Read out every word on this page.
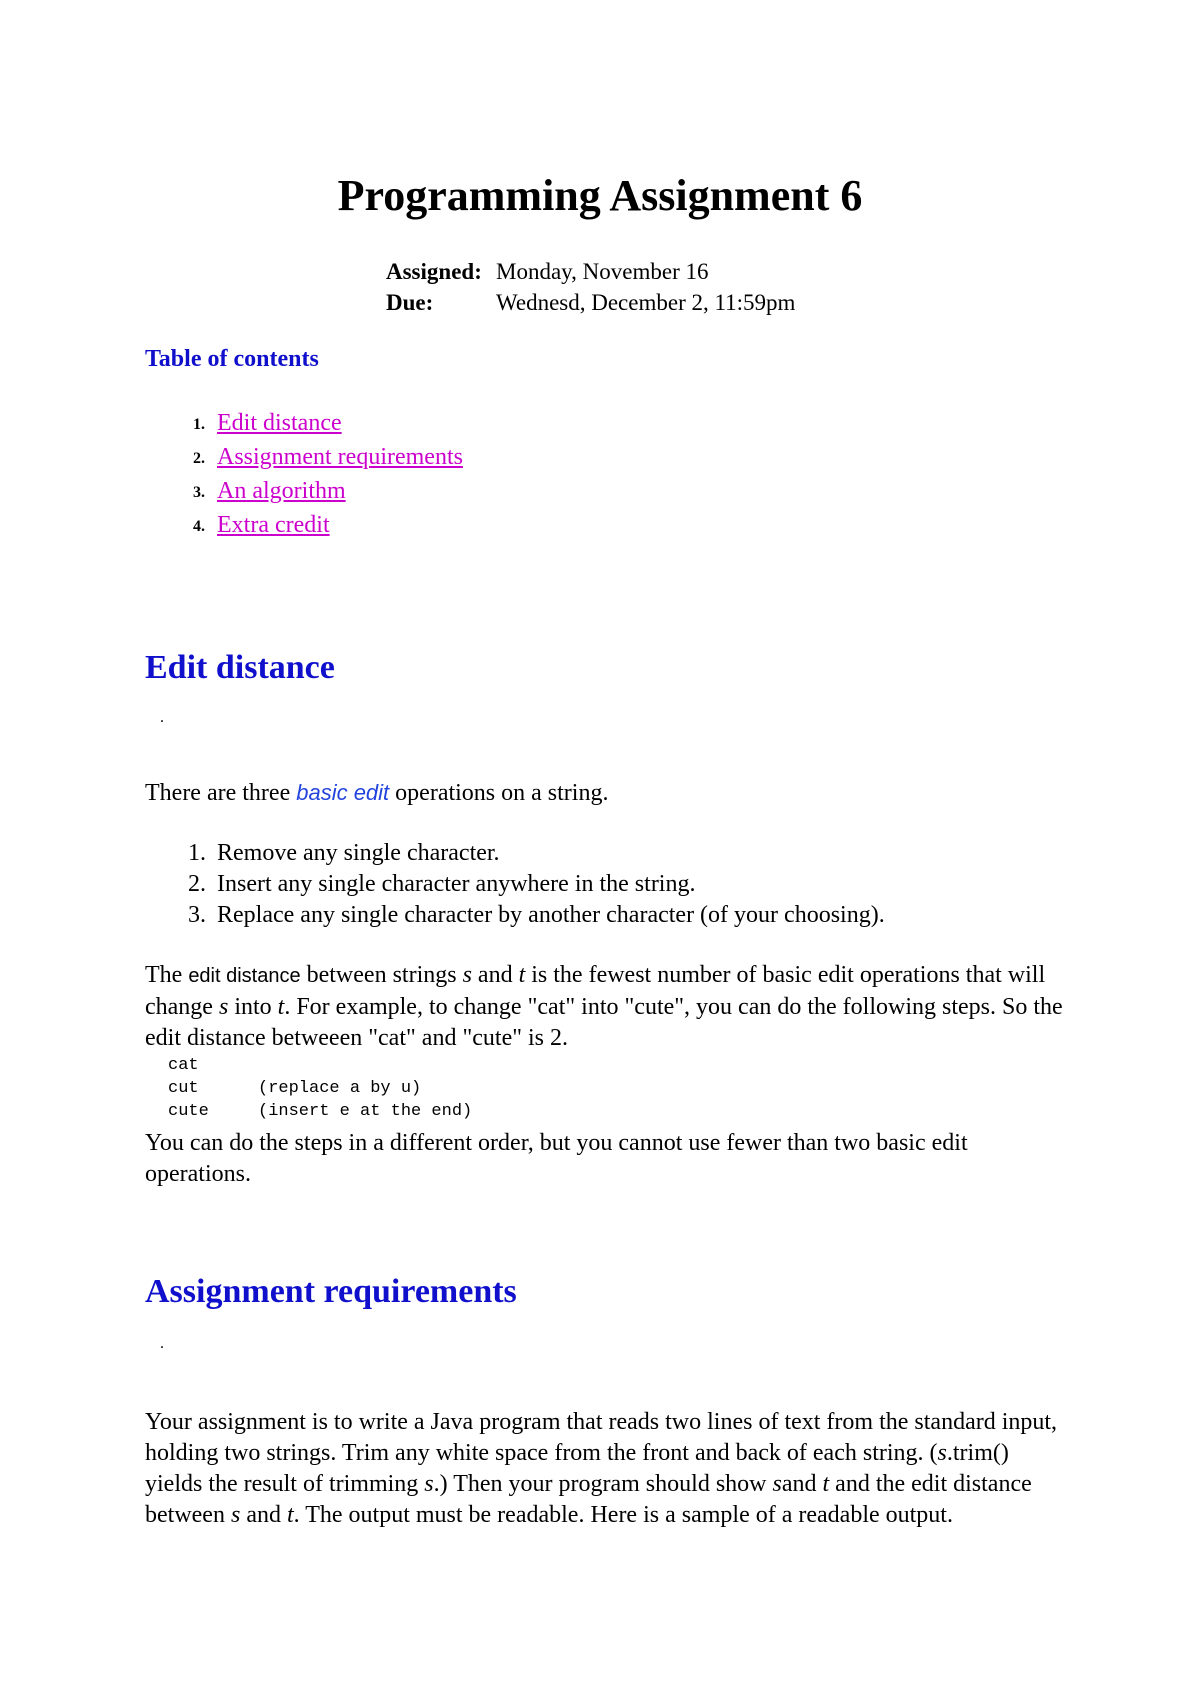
Programming Assignment 6
Assigned: Monday, November 16
Due:	Wednesd, December 2, 11:59pm
Table of contents
1. Edit distance
2. Assignment requirements
3. An algorithm
4. Extra credit
Edit distance
.

There are three basic edit operations on a string.

1. Remove any single character.
2. Insert any single character anywhere in the string.
3. Replace any single character by another character (of your choosing).

The edit distance between strings s and t is the fewest number of basic edit operations that will change s into t. For example, to change "cat" into "cute", you can do the following steps. So the edit distance betweeen "cat" and "cute" is 2.

cat
cut	(replace a by u)
cute	(insert e at the end)

You can do the steps in a different order, but you cannot use fewer than two basic edit operations.

Assignment requirements
.

Your assignment is to write a Java program that reads two lines of text from the standard input, holding two strings. Trim any white space from the front and back of each string. (s.trim() yields the result of trimming s.) Then your program should show sand t and the edit distance between s and t. The output must be readable. Here is a sample of a readable output.
